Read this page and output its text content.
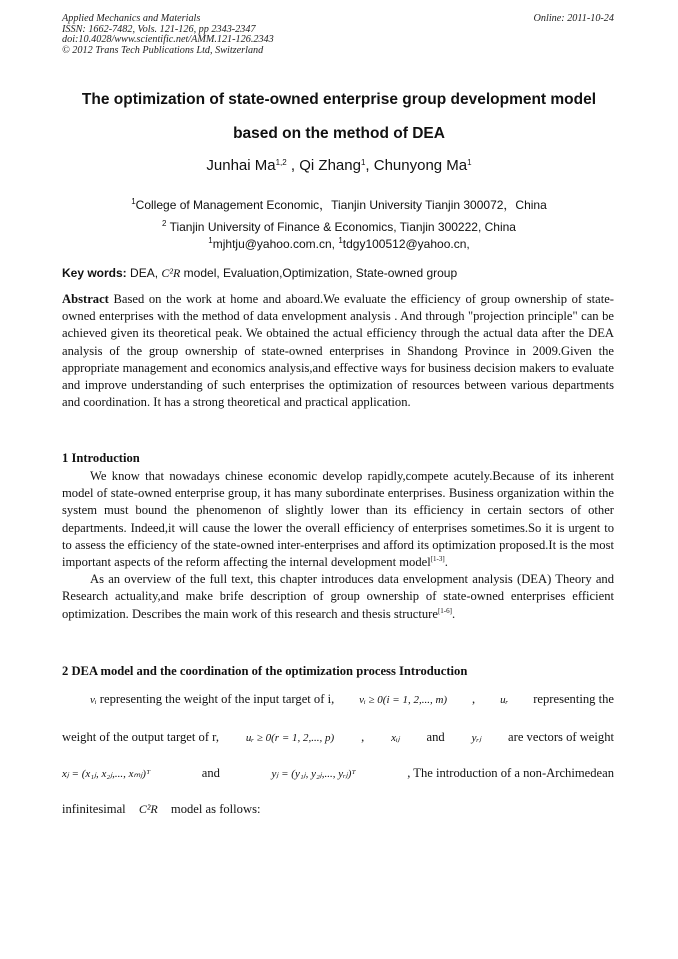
Applied Mechanics and Materials
ISSN: 1662-7482, Vols. 121-126, pp 2343-2347
doi:10.4028/www.scientific.net/AMM.121-126.2343
© 2012 Trans Tech Publications Ltd, Switzerland
Online: 2011-10-24
The optimization of state-owned enterprise group development model
based on the method of DEA
Junhai Ma$^{1,2}$ , Qi Zhang$^1$, Chunyong Ma$^1$
$^1$College of Management Economic，Tianjin University Tianjin 300072，China
$^2$ Tianjin University of Finance & Economics, Tianjin 300222, China
$^1$mjhtju@yahoo.com.cn, $^1$tdgy100512@yahoo.cn,
Key words: DEA, C²R model, Evaluation,Optimization, State-owned group
Abstract Based on the work at home and aboard.We evaluate the efficiency of group ownership of state-owned enterprises with the method of data envelopment analysis . And through "projection principle" can be achieved given its theoretical peak. We obtained the actual efficiency through the actual data after the DEA analysis of the group ownership of state-owned enterprises in Shandong Province in 2009.Given the appropriate management and economics analysis,and effective ways for business decision makers to evaluate and improve understanding of such enterprises the optimization of resources between various departments and coordination. It has a strong theoretical and practical application.
1 Introduction

We know that nowadays chinese economic develop rapidly,compete acutely.Because of its inherent model of state-owned enterprise group, it has many subordinate enterprises. Business organization within the system must bound the phenomenon of slightly lower than its efficiency in certain sectors of other departments. Indeed,it will cause the lower the overall efficiency of enterprises sometimes.So it is urgent to to assess the efficiency of the state-owned inter-enterprises and afford its optimization proposed.It is the most important aspects of the reform affecting the internal development model[1-3].

As an overview of the full text, this chapter introduces data envelopment analysis (DEA) Theory and Research actuality,and make brife description of group ownership of state-owned enterprises efficient optimization. Describes the main work of this research and thesis structure[1-6].

2 DEA model and the coordination of the optimization process Introduction
vᵢ representing the weight of the input target of i, vᵢ ≥ 0(i = 1, 2,..., m) , uᵣ representing the
weight of the output target of r, uᵣ ≥ 0(r = 1, 2,..., p) , xᵢⱼ and yᵣⱼ are vectors of weight
xⱼ = (x₁ⱼ, x₂ⱼ,..., xₘⱼ)ᵀ	and	yⱼ = (y₁ⱼ, y₂ⱼ,..., yᵣⱼ)ᵀ	, The introduction of a non-Archimedean
infinitesimal C²R model as follows:
